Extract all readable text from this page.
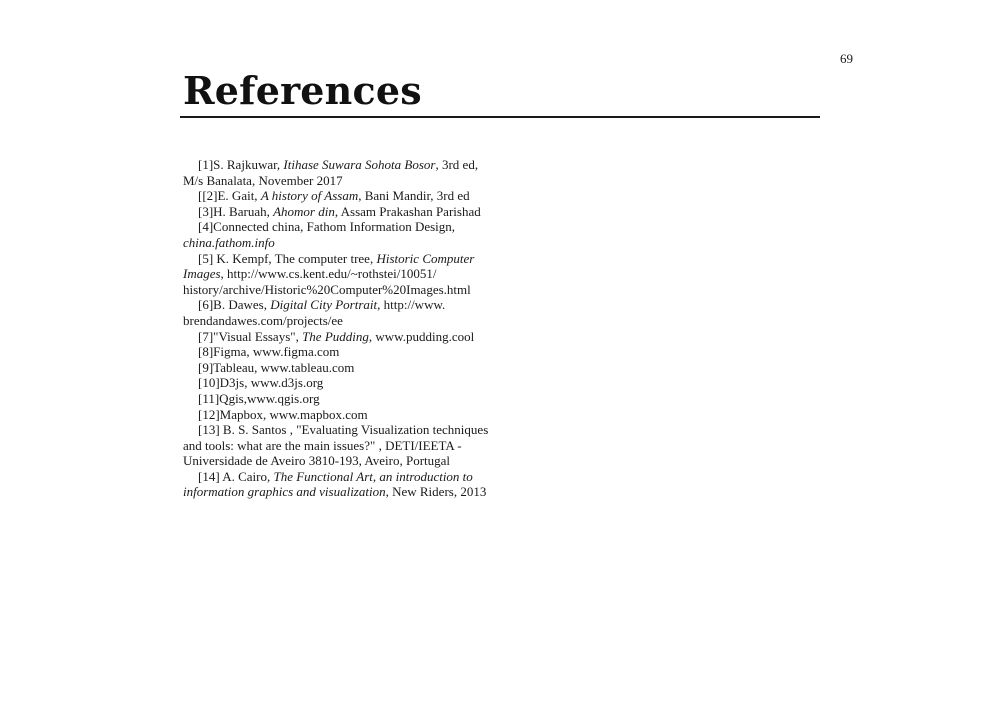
69
References
[1]S. Rajkuwar, Itihase Suwara Sohota Bosor, 3rd ed,
M/s Banalata, November 2017
[[2]E. Gait, A history of Assam, Bani Mandir, 3rd ed
[3]H. Baruah, Ahomor din, Assam Prakashan Parishad
[4]Connected china, Fathom Information Design,
china.fathom.info
[5] K. Kempf, The computer tree, Historic Computer
Images, http://www.cs.kent.edu/~rothstei/10051/
history/archive/Historic%20Computer%20Images.html
[6]B. Dawes, Digital City Portrait, http://www.
brendandawes.com/projects/ee
[7]"Visual Essays", The Pudding, www.pudding.cool
[8]Figma, www.figma.com
[9]Tableau, www.tableau.com
[10]D3js, www.d3js.org
[11]Qgis,www.qgis.org
[12]Mapbox, www.mapbox.com
[13] B. S. Santos , "Evaluating Visualization techniques
and tools: what are the main issues?" , DETI/IEETA -
Universidade de Aveiro 3810-193, Aveiro, Portugal
[14] A. Cairo, The Functional Art, an introduction to
information graphics and visualization, New Riders, 2013
